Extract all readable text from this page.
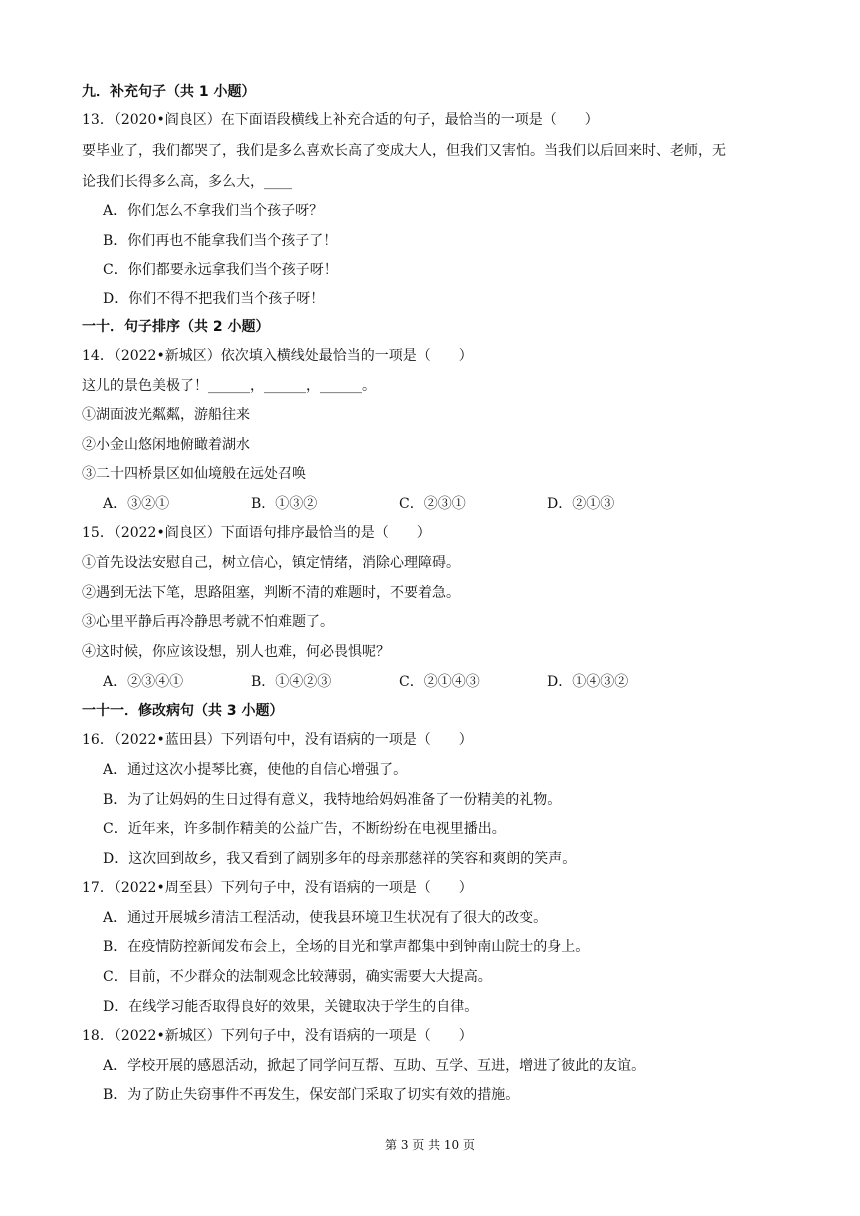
九．补充句子（共 1 小题）
13．（2020•阎良区）在下面语段横线上补充合适的句子，最恰当的一项是（　　）
要毕业了，我们都哭了，我们是多么喜欢长高了变成大人，但我们又害怕。当我们以后回来时、老师，无
论我们长得多么高，多么大，____
A．你们怎么不拿我们当个孩子呀？
B．你们再也不能拿我们当个孩子了！
C．你们都要永远拿我们当个孩子呀！
D．你们不得不把我们当个孩子呀！
一十．句子排序（共 2 小题）
14．（2022•新城区）依次填入横线处最恰当的一项是（　　）
这儿的景色美极了！______，______，______。
①湖面波光粼粼，游船往来
②小金山悠闲地俯瞰着湖水
③二十四桥景区如仙境般在远处召唤
A．③②①	B．①③②	C．②③①	D．②①③
15．（2022•阎良区）下面语句排序最恰当的是（　　）
①首先设法安慰自己，树立信心，镇定情绪，消除心理障碍。
②遇到无法下笔，思路阻塞，判断不清的难题时，不要着急。
③心里平静后再冷静思考就不怕难题了。
④这时候，你应该设想，别人也难，何必畏惧呢？
A．②③④①	B．①④②③	C．②①④③	D．①④③②
一十一．修改病句（共 3 小题）
16．（2022•蓝田县）下列语句中，没有语病的一项是（　　）
A．通过这次小提琴比赛，使他的自信心增强了。
B．为了让妈妈的生日过得有意义，我特地给妈妈准备了一份精美的礼物。
C．近年来，许多制作精美的公益广告，不断纷纷在电视里播出。
D．这次回到故乡，我又看到了阔别多年的母亲那慈祥的笑容和爽朗的笑声。
17．（2022•周至县）下列句子中，没有语病的一项是（　　）
A．通过开展城乡清洁工程活动，使我县环境卫生状况有了很大的改变。
B．在疫情防控新闻发布会上，全场的目光和掌声都集中到钟南山院士的身上。
C．目前，不少群众的法制观念比较薄弱，确实需要大大提高。
D．在线学习能否取得良好的效果，关键取决于学生的自律。
18．（2022•新城区）下列句子中，没有语病的一项是（　　）
A．学校开展的感恩活动，掀起了同学问互帮、互助、互学、互进，增进了彼此的友谊。
B．为了防止失窃事件不再发生，保安部门采取了切实有效的措施。
第 3 页 共 10 页
